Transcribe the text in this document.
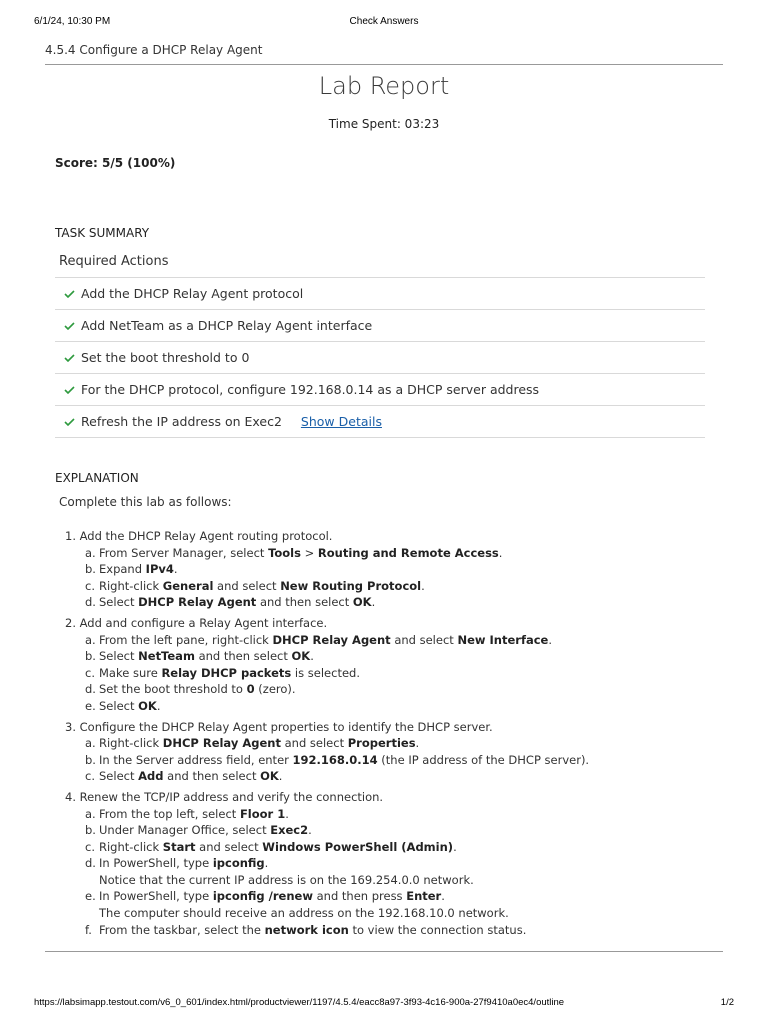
6/1/24, 10:30 PM	Check Answers
4.5.4 Configure a DHCP Relay Agent
Lab Report
Time Spent: 03:23
Score: 5/5 (100%)
TASK SUMMARY
Required Actions
Add the DHCP Relay Agent protocol
Add NetTeam as a DHCP Relay Agent interface
Set the boot threshold to 0
For the DHCP protocol, configure 192.168.0.14 as a DHCP server address
Refresh the IP address on Exec2 Show Details
EXPLANATION
Complete this lab as follows:
1. Add the DHCP Relay Agent routing protocol.
a. From Server Manager, select Tools > Routing and Remote Access.
b. Expand IPv4.
c. Right-click General and select New Routing Protocol.
d. Select DHCP Relay Agent and then select OK.
2. Add and configure a Relay Agent interface.
a. From the left pane, right-click DHCP Relay Agent and select New Interface.
b. Select NetTeam and then select OK.
c. Make sure Relay DHCP packets is selected.
d. Set the boot threshold to 0 (zero).
e. Select OK.
3. Configure the DHCP Relay Agent properties to identify the DHCP server.
a. Right-click DHCP Relay Agent and select Properties.
b. In the Server address field, enter 192.168.0.14 (the IP address of the DHCP server).
c. Select Add and then select OK.
4. Renew the TCP/IP address and verify the connection.
a. From the top left, select Floor 1.
b. Under Manager Office, select Exec2.
c. Right-click Start and select Windows PowerShell (Admin).
d. In PowerShell, type ipconfig.
Notice that the current IP address is on the 169.254.0.0 network.
e. In PowerShell, type ipconfig /renew and then press Enter.
The computer should receive an address on the 192.168.10.0 network.
f. From the taskbar, select the network icon to view the connection status.
https://labsimapp.testout.com/v6_0_601/index.html/productviewer/1197/4.5.4/eacc8a97-3f93-4c16-900a-27f9410a0ec4/outline	1/2
